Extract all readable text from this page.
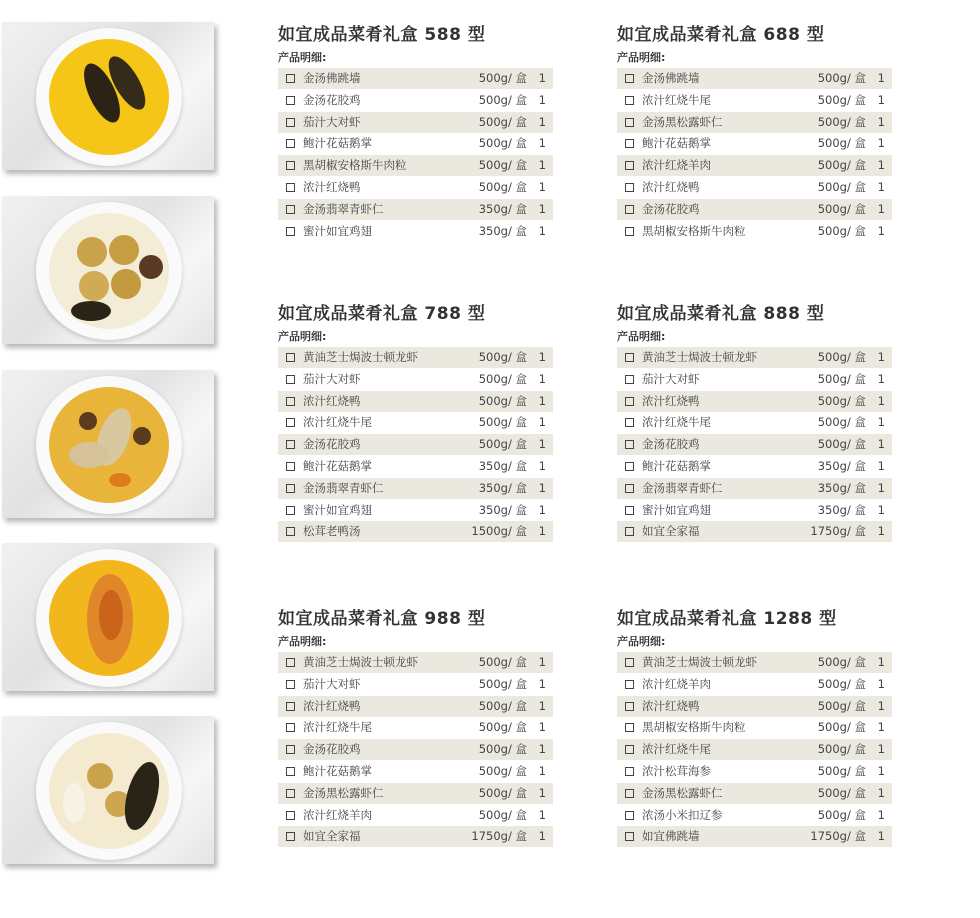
如宜成品菜肴礼盒 588 型
产品明细:
金汤佛跳墙	500g/ 盒 1
金汤花胶鸡	500g/ 盒 1
茄汁大对虾	500g/ 盒 1
鲍汁花菇鹅掌	500g/ 盒 1
黑胡椒安格斯牛肉粒	500g/ 盒 1
浓汁红烧鸭	500g/ 盒 1
金汤翡翠青虾仁	350g/ 盒 1
蜜汁如宜鸡翅	350g/ 盒 1
如宜成品菜肴礼盒 688 型
产品明细:
金汤佛跳墙	500g/ 盒 1
浓汁红烧牛尾	500g/ 盒 1
金汤黑松露虾仁	500g/ 盒 1
鲍汁花菇鹅掌	500g/ 盒 1
浓汁红烧羊肉	500g/ 盒 1
浓汁红烧鸭	500g/ 盒 1
金汤花胶鸡	500g/ 盒 1
黑胡椒安格斯牛肉粒	500g/ 盒 1
如宜成品菜肴礼盒 788 型
产品明细:
黄油芝士焗波士顿龙虾	500g/ 盒 1
茄汁大对虾	500g/ 盒 1
浓汁红烧鸭	500g/ 盒 1
浓汁红烧牛尾	500g/ 盒 1
金汤花胶鸡	500g/ 盒 1
鲍汁花菇鹅掌	350g/ 盒 1
金汤翡翠青虾仁	350g/ 盒 1
蜜汁如宜鸡翅	350g/ 盒 1
松茸老鸭汤	1500g/ 盒 1
如宜成品菜肴礼盒 888 型
产品明细:
黄油芝士焗波士顿龙虾	500g/ 盒 1
茄汁大对虾	500g/ 盒 1
浓汁红烧鸭	500g/ 盒 1
浓汁红烧牛尾	500g/ 盒 1
金汤花胶鸡	500g/ 盒 1
鲍汁花菇鹅掌	350g/ 盒 1
金汤翡翠青虾仁	350g/ 盒 1
蜜汁如宜鸡翅	350g/ 盒 1
如宜全家福	1750g/ 盒 1
如宜成品菜肴礼盒 988 型
产品明细:
黄油芝士焗波士顿龙虾	500g/ 盒 1
茄汁大对虾	500g/ 盒 1
浓汁红烧鸭	500g/ 盒 1
浓汁红烧牛尾	500g/ 盒 1
金汤花胶鸡	500g/ 盒 1
鲍汁花菇鹅掌	500g/ 盒 1
金汤黑松露虾仁	500g/ 盒 1
浓汁红烧羊肉	500g/ 盒 1
如宜全家福	1750g/ 盒 1
如宜成品菜肴礼盒 1288 型
产品明细:
黄油芝士焗波士顿龙虾	500g/ 盒 1
浓汁红烧羊肉	500g/ 盒 1
浓汁红烧鸭	500g/ 盒 1
黑胡椒安格斯牛肉粒	500g/ 盒 1
浓汁红烧牛尾	500g/ 盒 1
浓汁松茸海参	500g/ 盒 1
金汤黑松露虾仁	500g/ 盒 1
浓汤小米扣辽参	500g/ 盒 1
如宜佛跳墙	1750g/ 盒 1
